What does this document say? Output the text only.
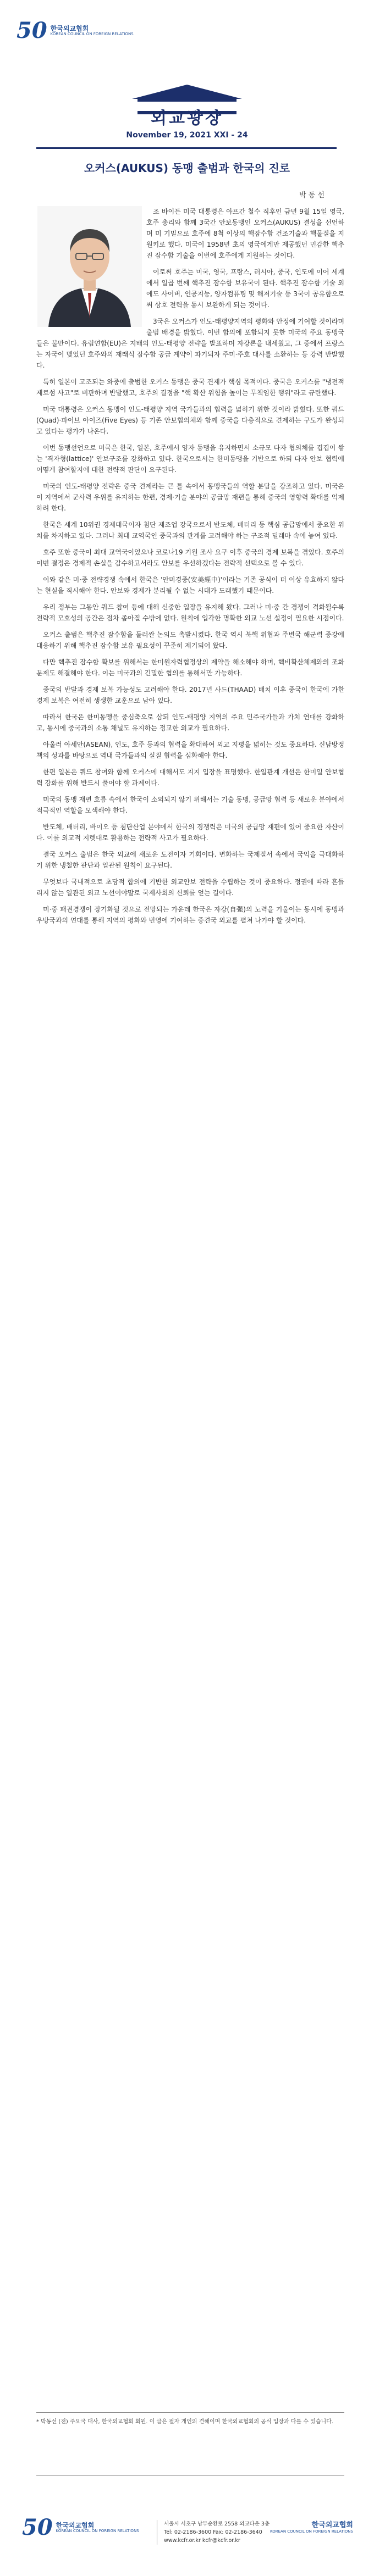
50 한국외교협회
KOREAN COUNCIL ON FOREIGN RELATIONS
외교광장
November 19, 2021 XXI - 24
오커스(AUKUS) 동맹 출범과 한국의 진로
박 동 선

조 바이든 미국 대통령은 아프간 철수 직후인 금년 9월 15일 영국, 호주 총리와 함께 3국간 안보동맹인 오커스(AUKUS) 결성을 선언하며 미 기밀으로 호주에 8척 이상의 핵잠수함 건조기술과 핵물질을 지원키로 했다. 미국이 1958년 초의 영국에게만 제공했던 민감한 핵추진 잠수함 기술을 이번에 호주에게 지원하는 것이다.

이로써 호주는 미국, 영국, 프랑스, 러시아, 중국, 인도에 이어 세계에서 일곱 번째 핵추진 잠수함 보유국이 된다. 핵추진 잠수함 기술 외에도 사이버, 인공지능, 양자컴퓨팅 및 해저기술 등 3국이 공유함으로써 상호 전력을 동시 보완하게 되는 것이다.

3국은 오커스가 인도-태평양지역의 평화와 안정에 기여할 것이라며 출범 배경을 밝혔다. 이번 합의에 포함되지 못한 미국의 주요 동맹국들은 불만이다. 유럽연합(EU)은 지배의 인도-태평양 전략을 발표하며 자강론을 내세웠고, 그 중에서 프랑스는 자국이 맺었던 호주와의 재래식 잠수함 공급 계약이 파기되자 주미·주호 대사를 소환하는 등 강력 반발했다.

특히 일본이 고조되는 와중에 출범한 오커스 동맹은 중국 견제가 핵심 목적이다. 중국은 오커스를 "냉전적 제로섬 사고"로 비판하며 반발했고, 호주의 결정을 "핵 확산 위험을 높이는 무책임한 행위"라고 규탄했다.

미국 대통령은 오커스 동맹이 인도-태평양 지역 국가들과의 협력을 넓히기 위한 것이라 밝혔다. 또한 쿼드(Quad)·파이브 아이즈(Five Eyes) 등 기존 안보협의체와 함께 중국을 다층적으로 견제하는 구도가 완성되고 있다는 평가가 나온다.

이번 동맹선언으로 미국은 한국, 일본, 호주에서 양자 동맹을 유지하면서 소규모 다자 협의체를 겹겹이 쌓는 '격자형(lattice)' 안보구조를 강화하고 있다. 한국으로서는 한미동맹을 기반으로 하되 다자 안보 협력에 어떻게 참여할지에 대한 전략적 판단이 요구된다.

미국의 인도-태평양 전략은 중국 견제라는 큰 틀 속에서 동맹국들의 역할 분담을 강조하고 있다. 미국은 이 지역에서 군사력 우위를 유지하는 한편, 경제·기술 분야의 공급망 재편을 통해 중국의 영향력 확대를 억제하려 한다.

한국은 세계 10위권 경제대국이자 첨단 제조업 강국으로서 반도체, 배터리 등 핵심 공급망에서 중요한 위치를 차지하고 있다. 그러나 최대 교역국인 중국과의 관계를 고려해야 하는 구조적 딜레마 속에 놓여 있다.

호주 또한 중국이 최대 교역국이었으나 코로나19 기원 조사 요구 이후 중국의 경제 보복을 겪었다. 호주의 이번 결정은 경제적 손실을 감수하고서라도 안보를 우선하겠다는 전략적 선택으로 볼 수 있다.

이와 같은 미·중 전략경쟁 속에서 한국은 '안미경중(安美經中)'이라는 기존 공식이 더 이상 유효하지 않다는 현실을 직시해야 한다. 안보와 경제가 분리될 수 없는 시대가 도래했기 때문이다.

우리 정부는 그동안 쿼드 참여 등에 대해 신중한 입장을 유지해 왔다. 그러나 미·중 간 경쟁이 격화될수록 전략적 모호성의 공간은 점차 좁아질 수밖에 없다. 원칙에 입각한 명확한 외교 노선 설정이 필요한 시점이다.

오커스 출범은 핵추진 잠수함을 둘러싼 논의도 촉발시켰다. 한국 역시 북핵 위협과 주변국 해군력 증강에 대응하기 위해 핵추진 잠수함 보유 필요성이 꾸준히 제기되어 왔다.

다만 핵추진 잠수함 확보를 위해서는 한미원자력협정상의 제약을 해소해야 하며, 핵비확산체제와의 조화 문제도 해결해야 한다. 이는 미국과의 긴밀한 협의를 통해서만 가능하다.

중국의 반발과 경제 보복 가능성도 고려해야 한다. 2017년 사드(THAAD) 배치 이후 중국이 한국에 가한 경제 보복은 여전히 생생한 교훈으로 남아 있다.

따라서 한국은 한미동맹을 중심축으로 삼되 인도-태평양 지역의 주요 민주국가들과 가치 연대를 강화하고, 동시에 중국과의 소통 채널도 유지하는 정교한 외교가 필요하다.

아울러 아세안(ASEAN), 인도, 호주 등과의 협력을 확대하여 외교 지평을 넓히는 것도 중요하다. 신남방정책의 성과를 바탕으로 역내 국가들과의 실질 협력을 심화해야 한다.

한편 일본은 쿼드 참여와 함께 오커스에 대해서도 지지 입장을 표명했다. 한일관계 개선은 한미일 안보협력 강화를 위해 반드시 풀어야 할 과제이다.

미국의 동맹 재편 흐름 속에서 한국이 소외되지 않기 위해서는 기술 동맹, 공급망 협력 등 새로운 분야에서 적극적인 역할을 모색해야 한다.

반도체, 배터리, 바이오 등 첨단산업 분야에서 한국의 경쟁력은 미국의 공급망 재편에 있어 중요한 자산이다. 이를 외교적 지렛대로 활용하는 전략적 사고가 필요하다.

결국 오커스 출범은 한국 외교에 새로운 도전이자 기회이다. 변화하는 국제질서 속에서 국익을 극대화하기 위한 냉철한 판단과 일관된 원칙이 요구된다.

무엇보다 국내적으로 초당적 합의에 기반한 외교안보 전략을 수립하는 것이 중요하다. 정권에 따라 흔들리지 않는 일관된 외교 노선이야말로 국제사회의 신뢰를 얻는 길이다.

미·중 패권경쟁이 장기화될 것으로 전망되는 가운데 한국은 자강(自强)의 노력을 기울이는 동시에 동맹과 우방국과의 연대를 통해 지역의 평화와 번영에 기여하는 중견국 외교를 펼쳐 나가야 할 것이다.

* 박동선 (전) 주요국 대사, 한국외교협회 회원. 이 글은 필자 개인의 견해이며 한국외교협회의 공식 입장과 다를 수 있습니다.
50 한국외교협회
KOREAN COUNCIL ON FOREIGN RELATIONS
서울시 서초구 남부순환로 2558 외교타운 3층
Tel: 02-2186-3600 Fax: 02-2186-3640
www.kcfr.or.kr kcfr@kcfr.or.kr
한국외교협회
KOREAN COUNCIL ON FOREIGN RELATIONS
